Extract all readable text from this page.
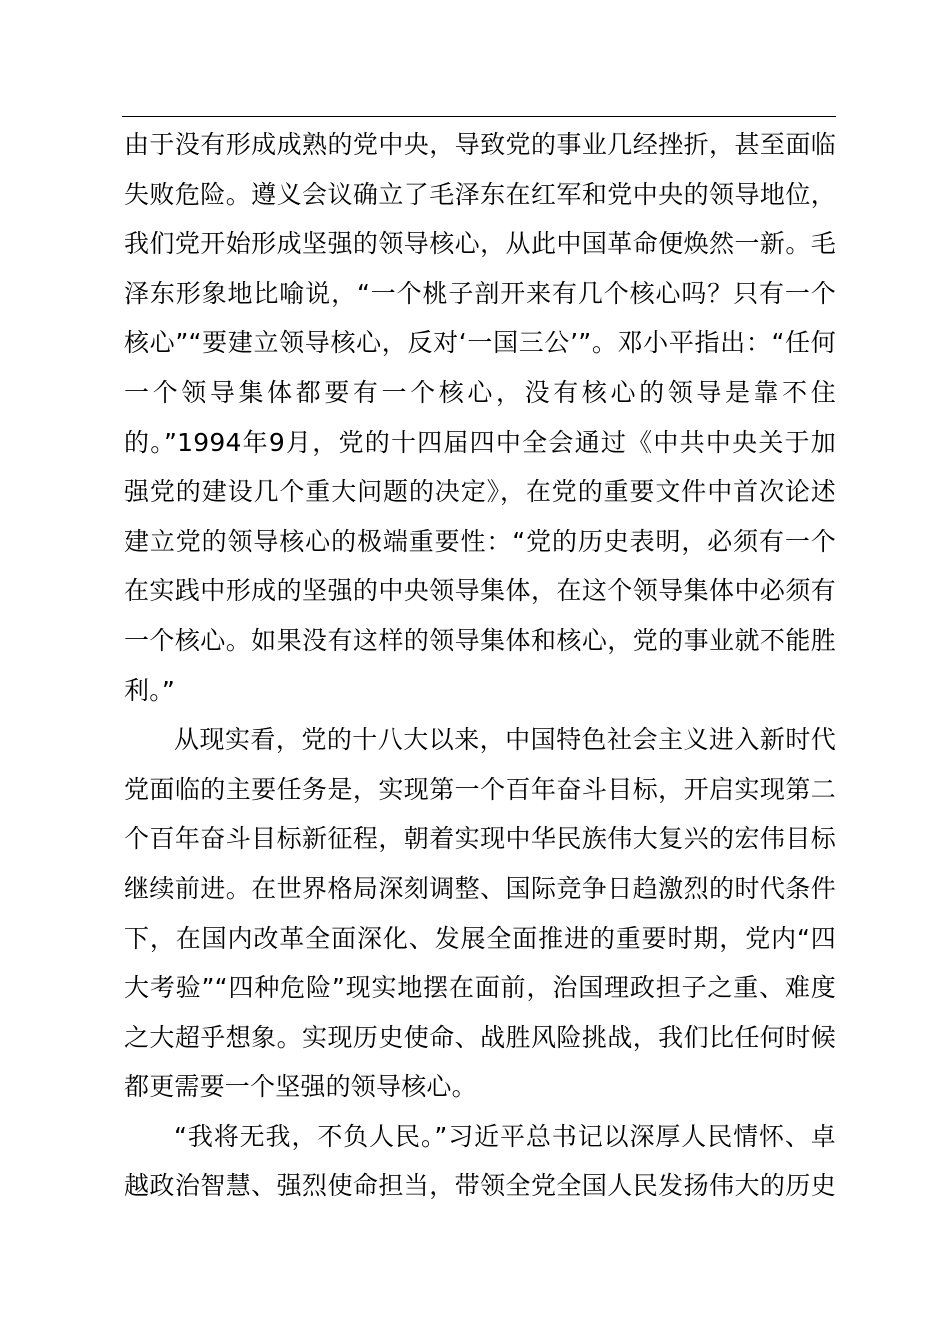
由于没有形成成熟的党中央，导致党的事业几经挫折，甚至面临
失败危险。遵义会议确立了毛泽东在红军和党中央的领导地位，
我们党开始形成坚强的领导核心，从此中国革命便焕然一新。毛
泽东形象地比喻说，“一个桃子剖开来有几个核心吗？只有一个
核心”“要建立领导核心，反对‘一国三公’”。邓小平指出：“任何
一个领导集体都要有一个核心，没有核心的领导是靠不住
的。”1994年9月，党的十四届四中全会通过《中共中央关于加
强党的建设几个重大问题的决定》，在党的重要文件中首次论述
建立党的领导核心的极端重要性：“党的历史表明，必须有一个
在实践中形成的坚强的中央领导集体，在这个领导集体中必须有
一个核心。如果没有这样的领导集体和核心，党的事业就不能胜
利。”
从现实看，党的十八大以来，中国特色社会主义进入新时代
党面临的主要任务是，实现第一个百年奋斗目标，开启实现第二
个百年奋斗目标新征程，朝着实现中华民族伟大复兴的宏伟目标
继续前进。在世界格局深刻调整、国际竞争日趋激烈的时代条件
下，在国内改革全面深化、发展全面推进的重要时期，党内“四
大考验”“四种危险”现实地摆在面前，治国理政担子之重、难度
之大超乎想象。实现历史使命、战胜风险挑战，我们比任何时候
都更需要一个坚强的领导核心。
“我将无我，不负人民。”习近平总书记以深厚人民情怀、卓
越政治智慧、强烈使命担当，带领全党全国人民发扬伟大的历史
